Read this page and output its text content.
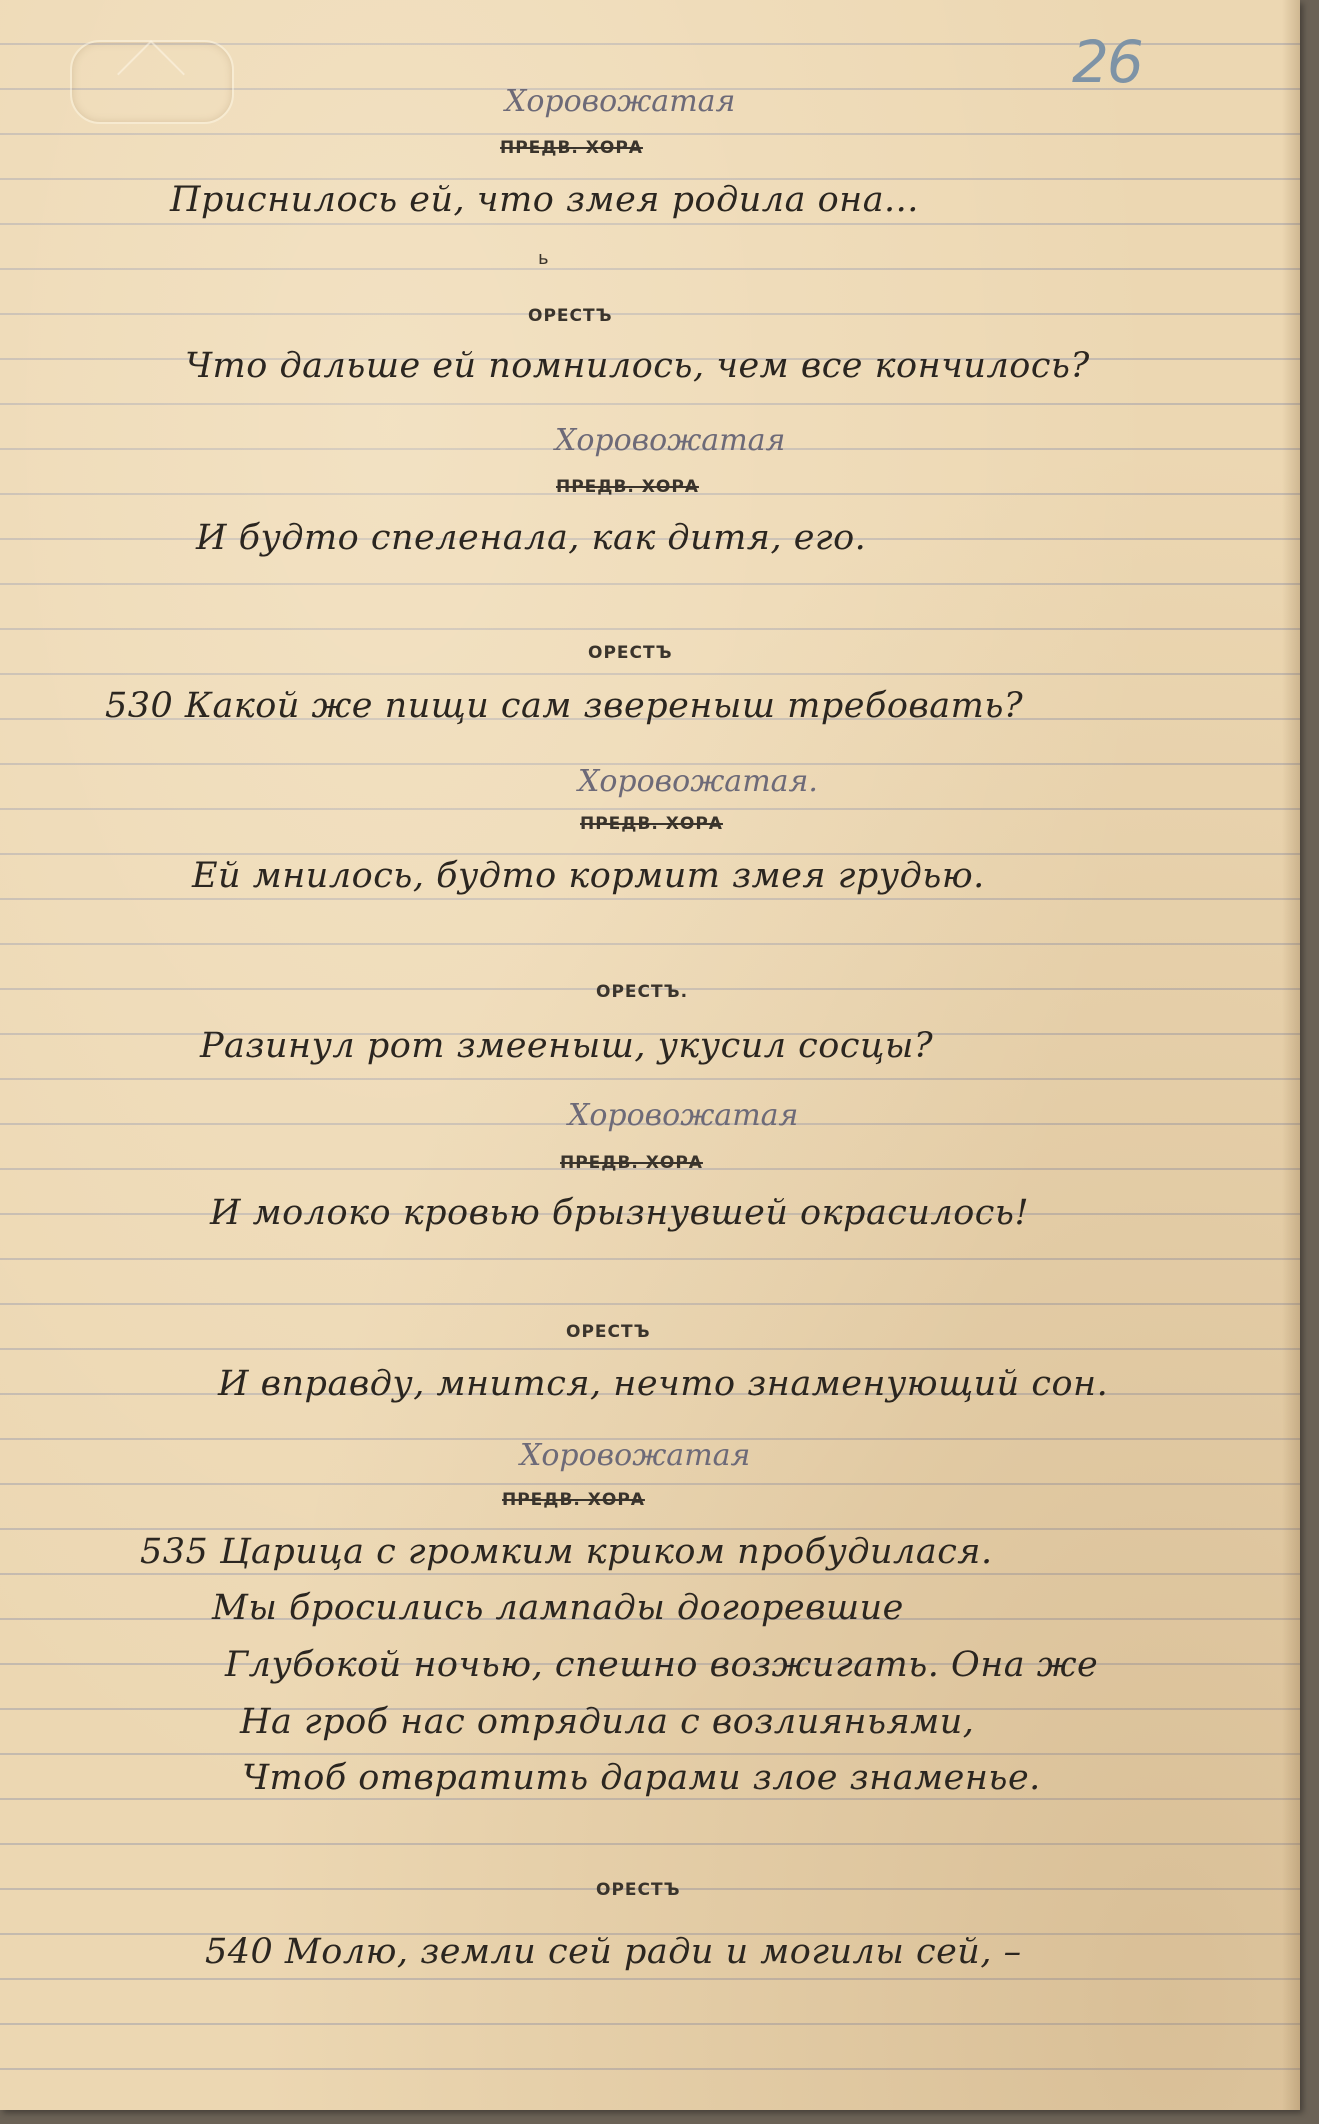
26
Хоровожатая
ПРЕДВ. ХОРА
Приснилось ей, что змея родила она...
ь
ОРЕСТЪ
Что дальше ей помнилось, чем все кончилось?
Хоровожатая
ПРЕДВ. ХОРА
И будто спеленала, как дитя, его.
ОРЕСТЪ
530 Какой же пищи сам звереныш требовать?
Хоровожатая.
ПРЕДВ. ХОРА
Ей мнилось, будто кормит змея грудью.
ОРЕСТЪ.
Разинул рот змееныш, укусил сосцы?
Хоровожатая
ПРЕДВ. ХОРА
И молоко кровью брызнувшей окрасилось!
ОРЕСТЪ
И вправду, мнится, нечто знаменующий сон.
Хоровожатая
ПРЕДВ. ХОРА
535 Царица с громким криком пробудилася.
Мы бросились лампады догоревшие
Глубокой ночью, спешно возжигать. Она же
На гроб нас отрядила с возлияньями,
Чтоб отвратить дарами злое знаменье.
ОРЕСТЪ
540 Молю, земли сей ради и могилы сей, –
